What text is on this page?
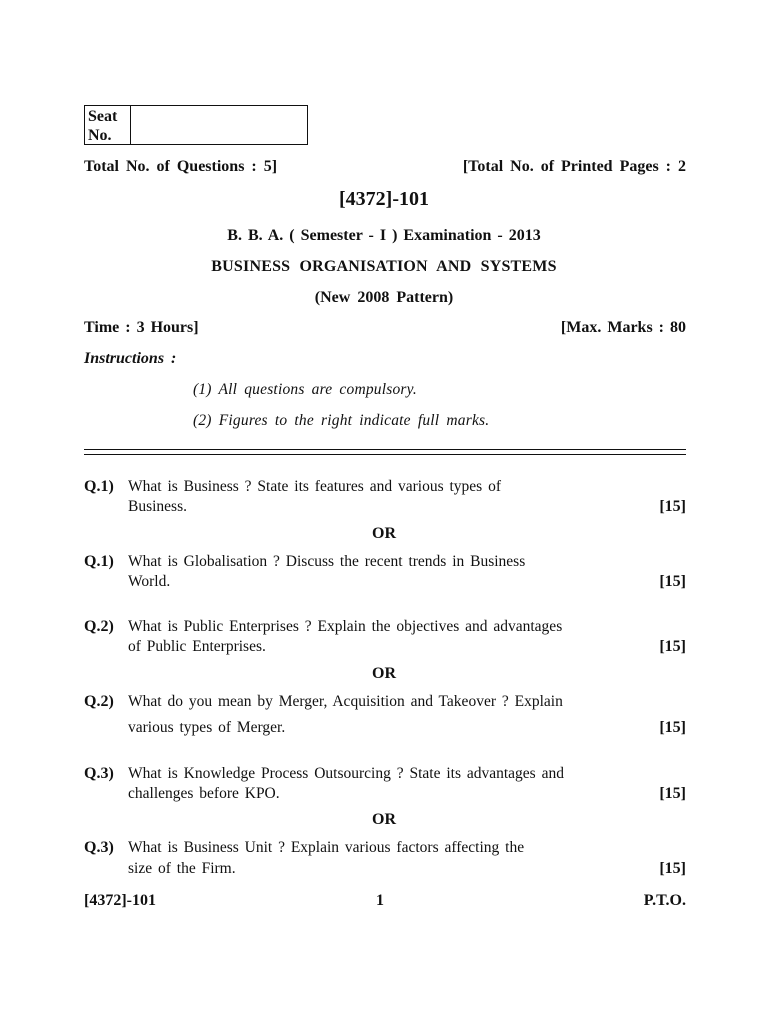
Seat
No.
Total No. of Questions : 5]	[Total No. of Printed Pages : 2
[4372]-101
B. B. A. ( Semester - I ) Examination - 2013
BUSINESS ORGANISATION AND SYSTEMS
(New 2008 Pattern)
Time : 3 Hours]	[Max. Marks : 80
Instructions :
(1) All questions are compulsory.
(2) Figures to the right indicate full marks.
Q.1) What is Business ? State its features and various types of
Business.	[15]
OR
Q.1) What is Globalisation ? Discuss the recent trends in Business
World.	[15]
Q.2) What is Public Enterprises ? Explain the objectives and advantages
of Public Enterprises.	[15]
OR
Q.2) What do you mean by Merger, Acquisition and Takeover ? Explain
various types of Merger.	[15]
Q.3) What is Knowledge Process Outsourcing ? State its advantages and
challenges before KPO.	[15]
OR
Q.3) What is Business Unit ? Explain various factors affecting the
size of the Firm.	[15]
[4372]-101	1	P.T.O.
